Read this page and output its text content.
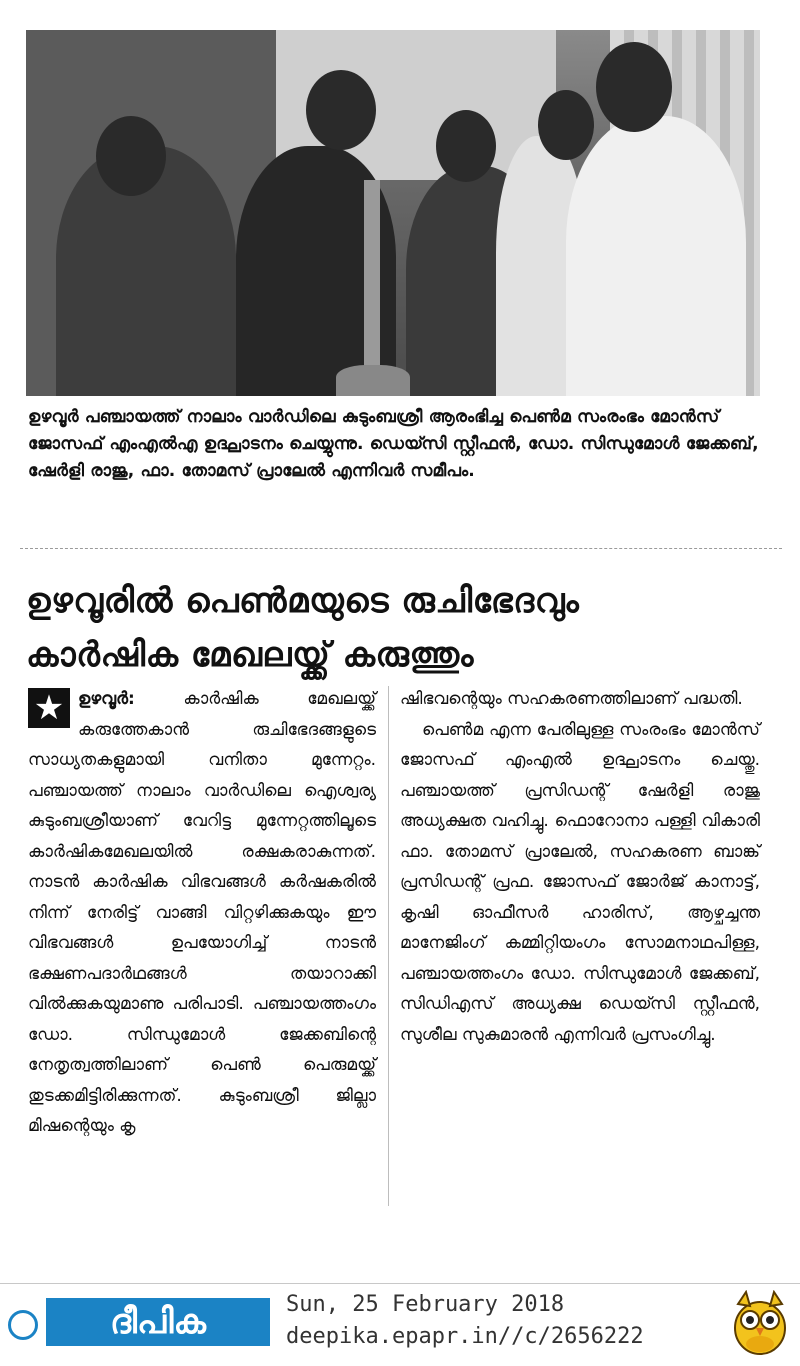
ഉഴവൂർ പഞ്ചായത്ത് നാലാം വാർഡിലെ കുടുംബശ്രീ ആരംഭിച്ച പെൺമ സംരംഭം മോൻസ് ജോസഫ് എംഎൽഎ ഉദ്ഘാടനം ചെയ്യുന്നു. ഡെയ്സി സ്റ്റീഫൻ, ഡോ. സിന്ധുമോൾ ജേക്കബ്, ഷേർളി രാജു, ഫാ. തോമസ് പ്രാലേൽ എന്നിവർ സമീപം.
ഉഴവൂരിൽ പെൺമയുടെ രുചിഭേദവും
കാർഷിക മേഖലയ്ക്ക് കരുത്തും
★ ഉഴവൂർ:	കാർഷിക മേഖലയ്ക്ക് കരുത്തേകാൻ രുചിഭേദങ്ങളുടെ സാധ്യതകളുമായി വനിതാ മുന്നേറ്റം. പഞ്ചായത്ത് നാലാം വാർഡിലെ ഐശ്വര്യ കുടുംബശ്രീയാണ് വേറിട്ട മുന്നേറ്റത്തിലൂടെ കാർഷികമേഖലയിൽ രക്ഷകരാകുന്നത്. നാടൻ കാർഷിക വിഭവങ്ങൾ കർഷകരിൽ നിന്ന് നേരിട്ട് വാങ്ങി വിറ്റഴിക്കുകയും ഈ വിഭവങ്ങൾ ഉപയോഗിച്ച് നാടൻ ഭക്ഷണപദാർഥങ്ങൾ തയാറാക്കി വിൽക്കുകയുമാണു പരിപാടി. പഞ്ചായത്തംഗം ഡോ. സിന്ധുമോൾ ജേക്കബിന്റെ നേതൃത്വത്തിലാണ് പെൺ പെരുമയ്ക്ക് തുടക്കമിട്ടിരിക്കുന്നത്. കുടുംബശ്രീ ജില്ലാ മിഷന്റെയും കൃ
ഷിഭവന്റെയും സഹകരണത്തിലാണ് പദ്ധതി.
പെൺമ എന്ന പേരിലുള്ള സംരംഭം മോൻസ് ജോസഫ് എംഎൽ ഉദ്ഘാടനം ചെയ്തു. പഞ്ചായത്ത് പ്രസിഡന്റ് ഷേർളി രാജു അധ്യക്ഷത വഹിച്ചു. ഫൊറോനാ പള്ളി വികാരി ഫാ. തോമസ് പ്രാലേൽ, സഹകരണ ബാങ്ക് പ്രസിഡന്റ് പ്രഫ. ജോസഫ് ജോർജ് കാനാട്ട്, കൃഷി ഓഫീസർ ഹാരിസ്, ആഴ്ചച്ചന്ത മാനേജിംഗ് കമ്മിറ്റിയംഗം സോമനാഥപിള്ള, പഞ്ചായത്തംഗം ഡോ. സിന്ധുമോൾ ജേക്കബ്, സിഡിഎസ് അധ്യക്ഷ ഡെയ്സി സ്റ്റീഫൻ, സുശീല സുകുമാരൻ എന്നിവർ പ്രസംഗിച്ചു.
ദീപിക	Sun, 25 February 2018
deepika.epapr.in//c/2656222
